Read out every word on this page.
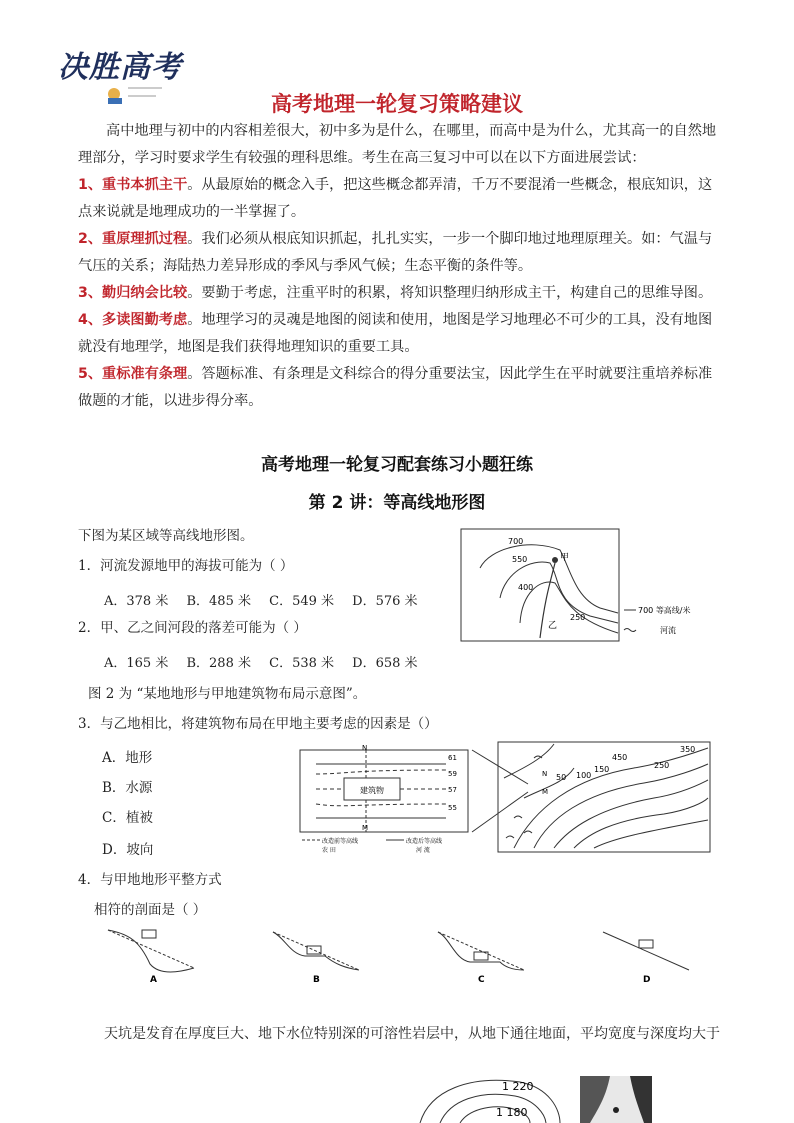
决胜高考
高考地理一轮复习策略建议
高中地理与初中的内容相差很大，初中多为是什么，在哪里，而高中是为什么，尤其高一的自然地理部分，学习时要求学生有较强的理科思维。考生在高三复习中可以在以下方面进展尝试：
1、重书本抓主干。从最原始的概念入手，把这些概念都弄清，千万不要混淆一些概念，根底知识，这点来说就是地理成功的一半掌握了。
2、重原理抓过程。我们必须从根底知识抓起，扎扎实实，一步一个脚印地过地理原理关。如：气温与气压的关系；海陆热力差异形成的季风与季风气候；生态平衡的条件等。
3、勤归纳会比较。要勤于考虑，注重平时的积累，将知识整理归纳形成主干，构建自己的思维导图。
4、多读图勤考虑。地理学习的灵魂是地图的阅读和使用，地图是学习地理必不可少的工具，没有地图就没有地理学，地图是我们获得地理知识的重要工具。
5、重标准有条理。答题标准、有条理是文科综合的得分重要法宝，因此学生在平时就要注重培养标准做题的才能，以进步得分率。
高考地理一轮复习配套练习小题狂练
第 2 讲：等高线地形图
下图为某区域等高线地形图。
1．河流发源地甲的海拔可能为（ ）
A．378 米 B．485 米 C．549 米 D．576 米
2．甲、乙之间河段的落差可能为（ ）
A．165 米 B．288 米 C．538 米 D．658 米
700
550
400
250
甲
乙
700 等高线/米
河流
图 2 为 “某地地形与甲地建筑物布局示意图”。
3．与乙地相比，将建筑物布局在甲地主要考虑的因素是（）
A．地形
B．水源
C．植被
D．坡向
建筑物
N
M
61
59
57
55
改造前等高线	改造后等高线
农 田	河 流
450
250
350
150
100
50
N
M
4．与甲地地形平整方式
相符的剖面是（ ）
A	B	C	D
天坑是发育在厚度巨大、地下水位特别深的可溶性岩层中，从地下通往地面，平均宽度与深度均大于
1 220
1 180
